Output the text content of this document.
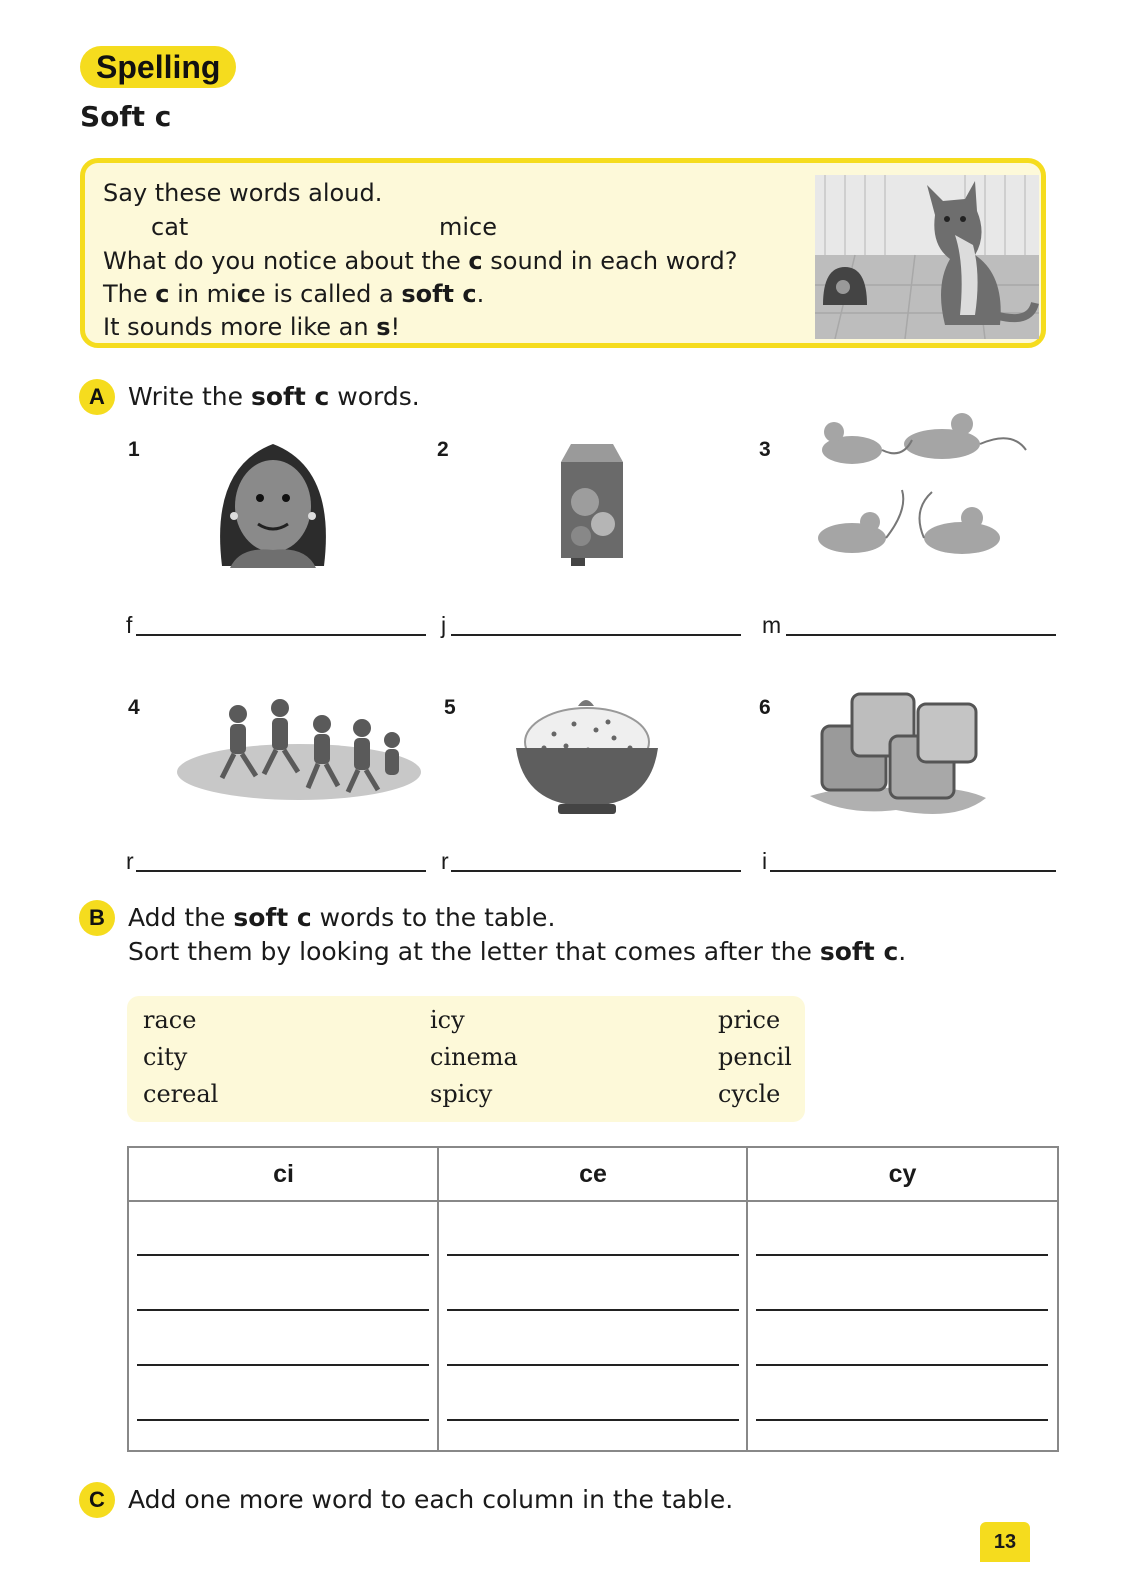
Spelling
Soft c
Say these words aloud.
cat	mice
What do you notice about the c sound in each word?
The c in mice is called a soft c.
It sounds more like an s!
A Write the soft c words.
1	2	3
f	j	m
4	5	6
r	r	i
B Add the soft c words to the table.
Sort them by looking at the letter that comes after the soft c.
race	icy	price
city	cinema	pencil
cereal	spicy	cycle
ci	ce	cy
C Add one more word to each column in the table.
13
